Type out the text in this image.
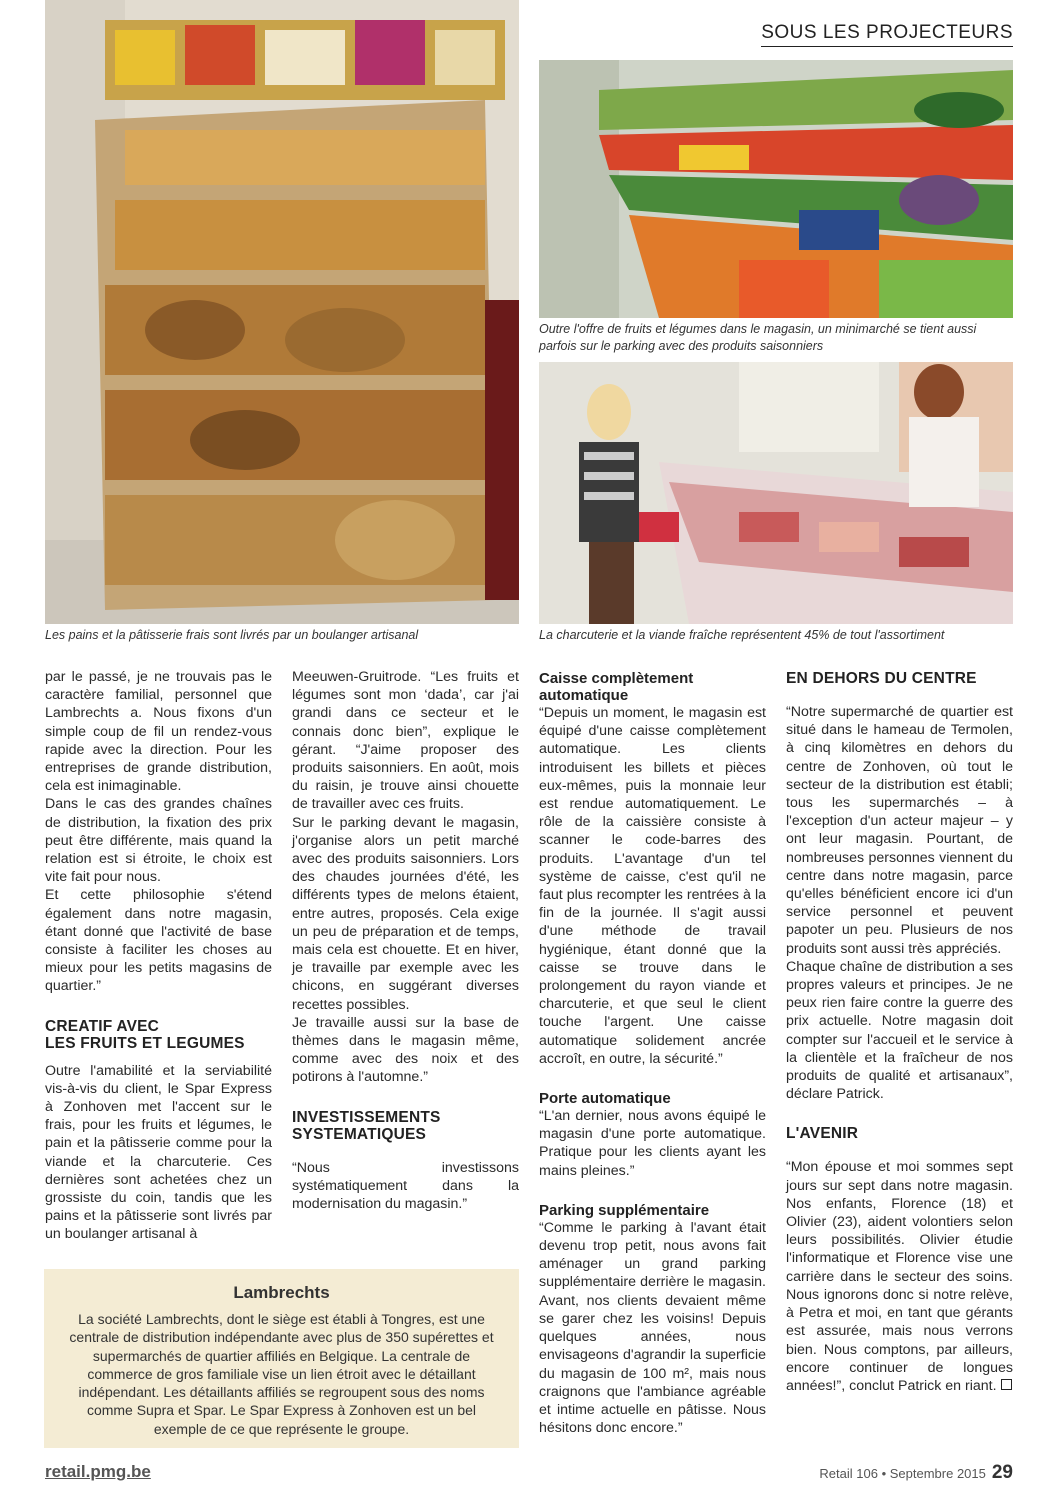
SOUS LES PROJECTEURS
Les pains et la pâtisserie frais sont livrés par un boulanger artisanal
Outre l'offre de fruits et légumes dans le magasin, un minimarché se tient aussi parfois sur le parking avec des produits saisonniers
La charcuterie et la viande fraîche représentent 45% de tout l'assortiment

par le passé, je ne trouvais pas le caractère familial, personnel que Lambrechts a. Nous fixons d'un simple coup de fil un rendez-vous rapide avec la direction. Pour les entreprises de grande distribution, cela est inimaginable.

Dans le cas des grandes chaînes de distribution, la fixation des prix peut être différente, mais quand la relation est si étroite, le choix est vite fait pour nous.

Et cette philosophie s'étend également dans notre magasin, étant donné que l'activité de base consiste à faciliter les choses au mieux pour les petits magasins de quartier.”

CREATIF AVEC
LES FRUITS ET LEGUMES

Outre l'amabilité et la serviabilité vis-à-vis du client, le Spar Express à Zonhoven met l'accent sur le frais, pour les fruits et légumes, le pain et la pâtisserie comme pour la viande et la charcuterie. Ces dernières sont achetées chez un grossiste du coin, tandis que les pains et la pâtisserie sont livrés par un boulanger artisanal à

Meeuwen-Gruitrode. “Les fruits et légumes sont mon ‘dada’, car j'ai grandi dans ce secteur et le connais donc bien”, explique le gérant. “J'aime proposer des produits saisonniers. En août, mois du raisin, je trouve ainsi chouette de travailler avec ces fruits.

Sur le parking devant le magasin, j'organise alors un petit marché avec des produits saisonniers. Lors des chaudes journées d'été, les différents types de melons étaient, entre autres, proposés. Cela exige un peu de préparation et de temps, mais cela est chouette. Et en hiver, je travaille par exemple avec les chicons, en suggérant diverses recettes possibles.

Je travaille aussi sur la base de thèmes dans le magasin même, comme avec des noix et des potirons à l'automne.”

INVESTISSEMENTS
SYSTEMATIQUES

“Nous investissons systématiquement dans la modernisation du magasin.”

Caisse complètement
automatique

“Depuis un moment, le magasin est équipé d'une caisse complètement automatique. Les clients introduisent les billets et pièces eux-mêmes, puis la monnaie leur est rendue automatiquement. Le rôle de la caissière consiste à scanner le code-barres des produits. L'avantage d'un tel système de caisse, c'est qu'il ne faut plus recompter les rentrées à la fin de la journée. Il s'agit aussi d'une méthode de travail hygiénique, étant donné que la caisse se trouve dans le prolongement du rayon viande et charcuterie, et que seul le client touche l'argent. Une caisse automatique solidement ancrée accroît, en outre, la sécurité.”

Porte automatique

“L'an dernier, nous avons équipé le magasin d'une porte automatique. Pratique pour les clients ayant les mains pleines.”

Parking supplémentaire

“Comme le parking à l'avant était devenu trop petit, nous avons fait aménager un grand parking supplémentaire derrière le magasin. Avant, nos clients devaient même se garer chez les voisins! Depuis quelques années, nous envisageons d'agrandir la superficie du magasin de 100 m², mais nous craignons que l'ambiance agréable et intime actuelle en pâtisse. Nous hésitons donc encore.”

EN DEHORS DU CENTRE

“Notre supermarché de quartier est situé dans le hameau de Termolen, à cinq kilomètres en dehors du centre de Zonhoven, où tout le secteur de la distribution est établi; tous les supermarchés – à l'exception d'un acteur majeur – y ont leur magasin. Pourtant, de nombreuses personnes viennent du centre dans notre magasin, parce qu'elles bénéficient encore ici d'un service personnel et peuvent papoter un peu. Plusieurs de nos produits sont aussi très appréciés.

Chaque chaîne de distribution a ses propres valeurs et principes. Je ne peux rien faire contre la guerre des prix actuelle. Notre magasin doit compter sur l'accueil et le service à la clientèle et la fraîcheur de nos produits de qualité et artisanaux”, déclare Patrick.

L'AVENIR

“Mon épouse et moi sommes sept jours sur sept dans notre magasin. Nos enfants, Florence (18) et Olivier (23), aident volontiers selon leurs possibilités. Olivier étudie l'informatique et Florence vise une carrière dans le secteur des soins. Nous ignorons donc si notre relève, à Petra et moi, en tant que gérants est assurée, mais nous verrons bien. Nous comptons, par ailleurs, encore continuer de longues années!”, conclut Patrick en riant.

Lambrechts

La société Lambrechts, dont le siège est établi à Tongres, est une centrale de distribution indépendante avec plus de 350 supérettes et supermarchés de quartier affiliés en Belgique. La centrale de commerce de gros familiale vise un lien étroit avec le détaillant indépendant. Les détaillants affiliés se regroupent sous des noms comme Supra et Spar. Le Spar Express à Zonhoven est un bel exemple de ce que représente le groupe.

retail.pmg.be	Retail 106 • Septembre 2015 29
